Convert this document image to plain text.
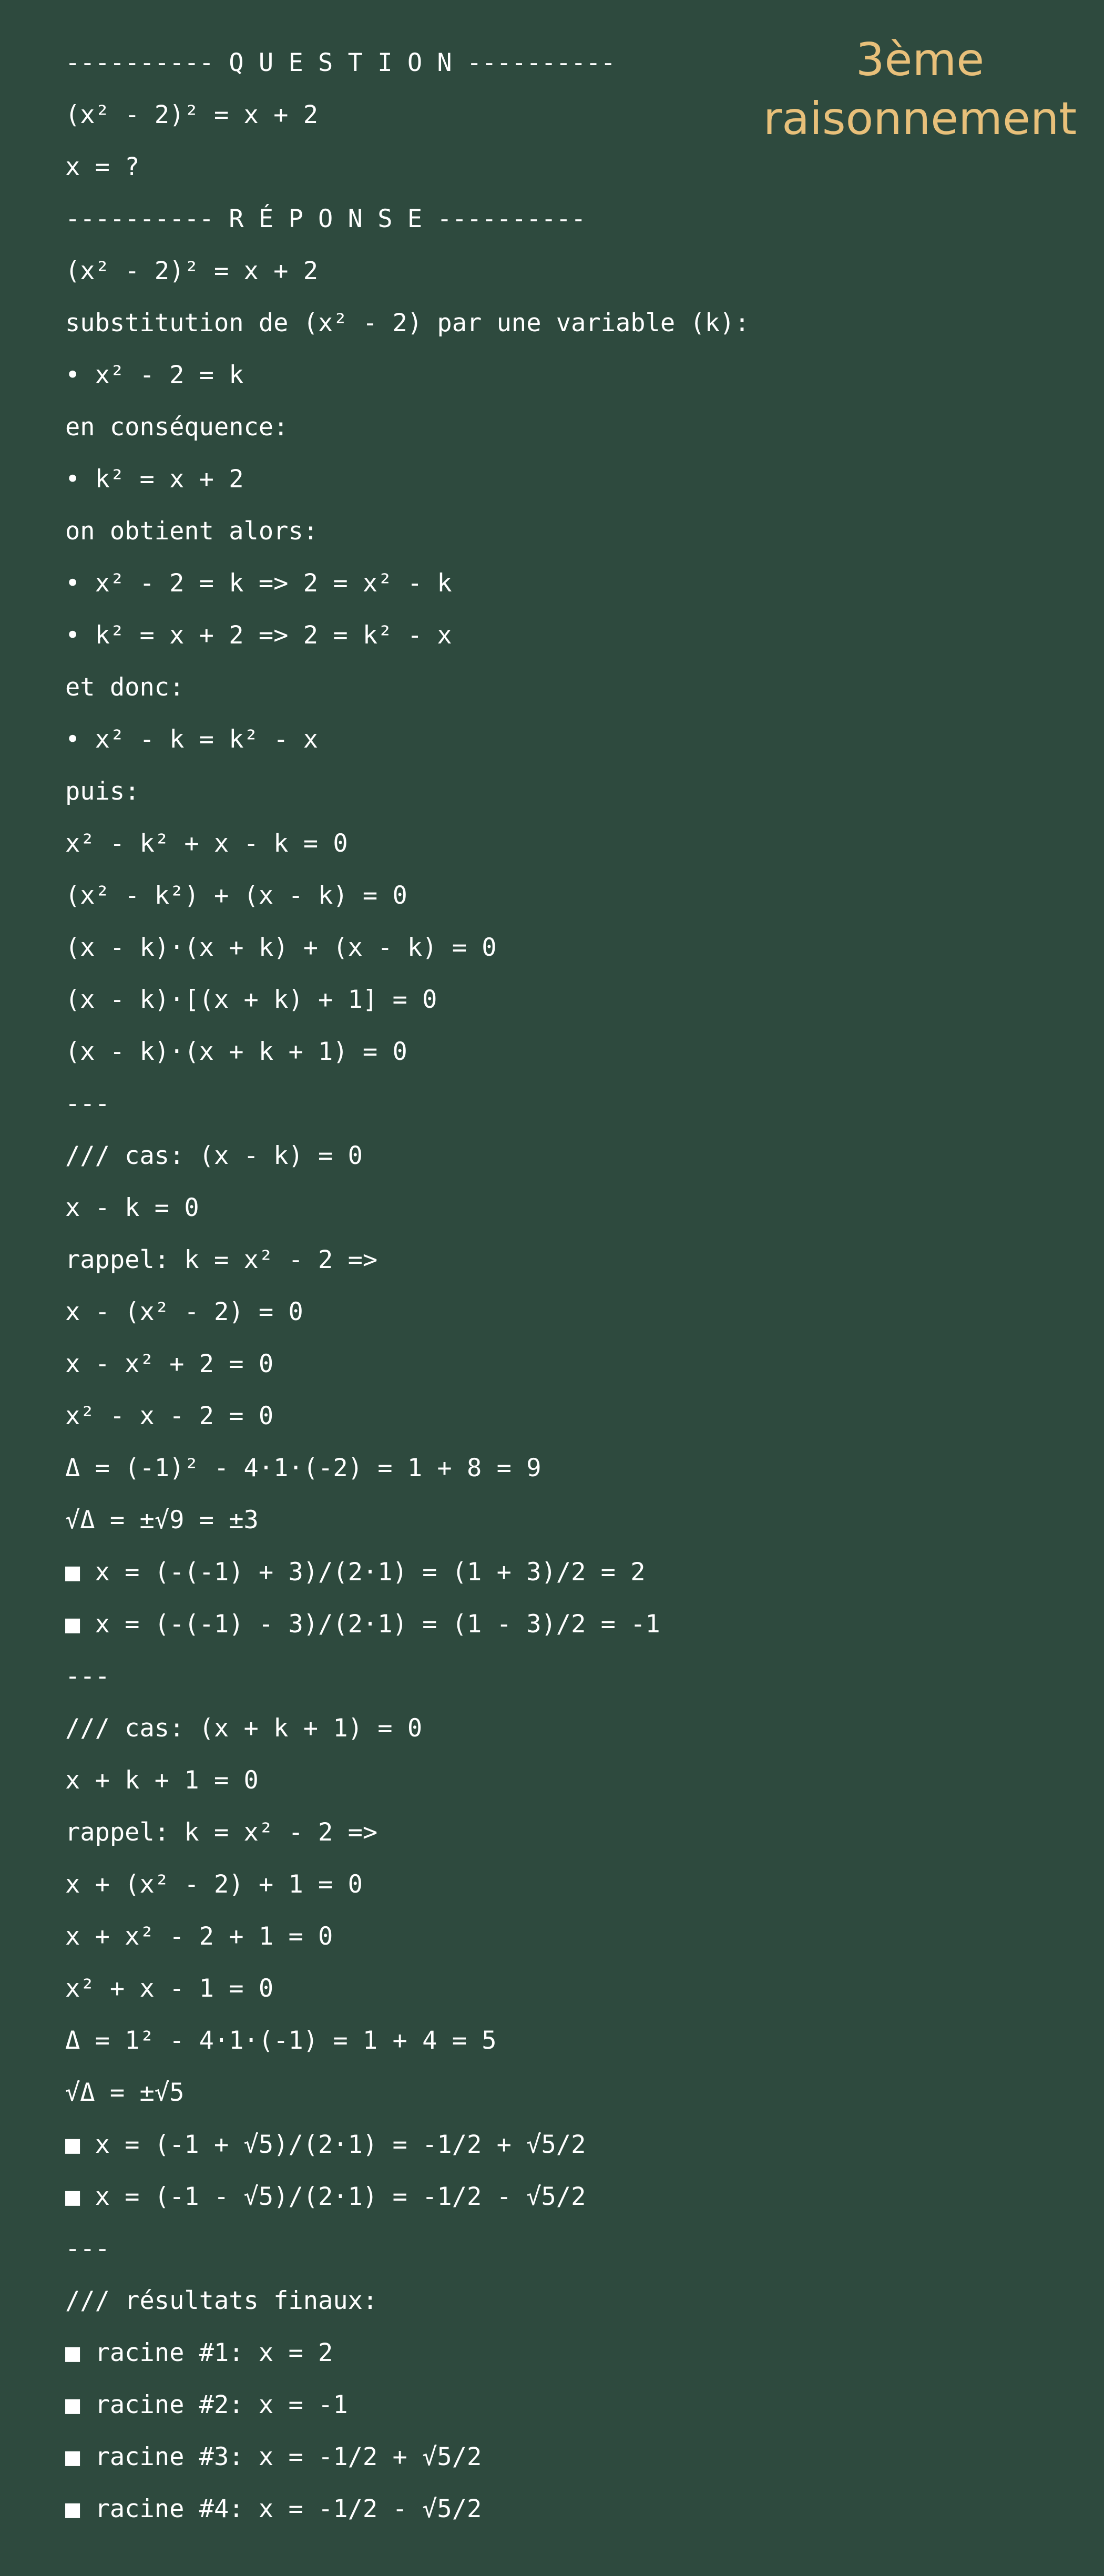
3ème
raisonnement
---------- Q U E S T I O N ----------
(x² - 2)² = x + 2
x = ?
---------- R É P O N S E ----------
(x² - 2)² = x + 2
substitution de (x² - 2) par une variable (k):
• x² - 2 = k
en conséquence:
• k² = x + 2
on obtient alors:
• x² - 2 = k => 2 = x² - k
• k² = x + 2 => 2 = k² - x
et donc:
• x² - k = k² - x
puis:
x² - k² + x - k = 0
(x² - k²) + (x - k) = 0
(x - k)·(x + k) + (x - k) = 0
(x - k)·[(x + k) + 1] = 0
(x - k)·(x + k + 1) = 0
---
/// cas: (x - k) = 0
x - k = 0
rappel: k = x² - 2 =>
x - (x² - 2) = 0
x - x² + 2 = 0
x² - x - 2 = 0
Δ = (-1)² - 4·1·(-2) = 1 + 8 = 9
√Δ = ±√9 = ±3
■ x = (-(-1) + 3)/(2·1) = (1 + 3)/2 = 2
■ x = (-(-1) - 3)/(2·1) = (1 - 3)/2 = -1
---
/// cas: (x + k + 1) = 0
x + k + 1 = 0
rappel: k = x² - 2 =>
x + (x² - 2) + 1 = 0
x + x² - 2 + 1 = 0
x² + x - 1 = 0
Δ = 1² - 4·1·(-1) = 1 + 4 = 5
√Δ = ±√5
■ x = (-1 + √5)/(2·1) = -1/2 + √5/2
■ x = (-1 - √5)/(2·1) = -1/2 - √5/2
---
/// résultats finaux:
■ racine #1: x = 2
■ racine #2: x = -1
■ racine #3: x = -1/2 + √5/2
■ racine #4: x = -1/2 - √5/2
